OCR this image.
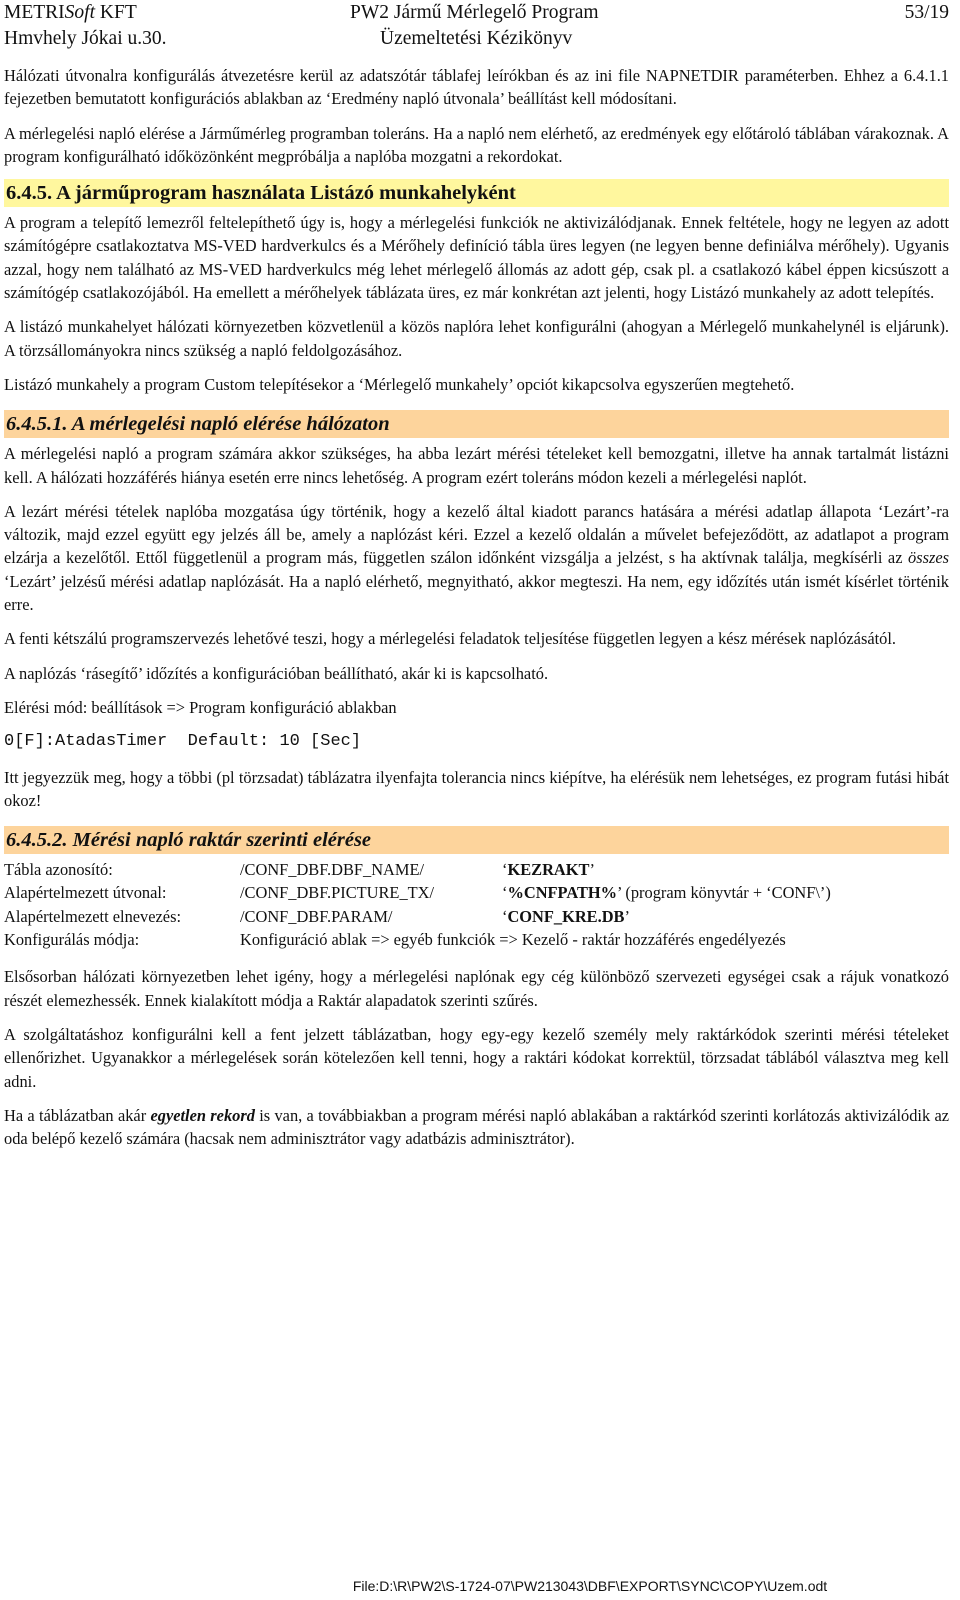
METRISoft KFT	PW2 Jármű Mérlegelő Program	53/19
Hmvhely Jókai u.30.	Üzemeltetési Kézikönyv

Hálózati útvonalra konfigurálás átvezetésre kerül az adatszótár táblafej leírókban és az ini file NAPNETDIR paraméterben. Ehhez a 6.4.1.1 fejezetben bemutatott konfigurációs ablakban az ‘Eredmény napló útvonala’ beállítást kell módosítani.

A mérlegelési napló elérése a Járműmérleg programban toleráns. Ha a napló nem elérhető, az eredmények egy előtároló táblában várakoznak. A program konfigurálható időközönként megpróbálja a naplóba mozgatni a rekordokat.

6.4.5. A járműprogram használata Listázó munkahelyként

A program a telepítő lemezről feltelepíthető úgy is, hogy a mérlegelési funkciók ne aktivizálódjanak. Ennek feltétele, hogy ne legyen az adott számítógépre csatlakoztatva MS-VED hardverkulcs és a Mérőhely definíció tábla üres legyen (ne legyen benne definiálva mérőhely). Ugyanis azzal, hogy nem található az MS-VED hardverkulcs még lehet mérlegelő állomás az adott gép, csak pl. a csatlakozó kábel éppen kicsúszott a számítógép csatlakozójából. Ha emellett a mérőhelyek táblázata üres, ez már konkrétan azt jelenti, hogy Listázó munkahely az adott telepítés.

A listázó munkahelyet hálózati környezetben közvetlenül a közös naplóra lehet konfigurálni (ahogyan a Mérlegelő munkahelynél is eljárunk). A törzsállományokra nincs szükség a napló feldolgozásához.

Listázó munkahely a program Custom telepítésekor a ‘Mérlegelő munkahely’ opciót kikapcsolva egyszerűen megtehető.

6.4.5.1. A mérlegelési napló elérése hálózaton

A mérlegelési napló a program számára akkor szükséges, ha abba lezárt mérési tételeket kell bemozgatni, illetve ha annak tartalmát listázni kell. A hálózati hozzáférés hiánya esetén erre nincs lehetőség. A program ezért toleráns módon kezeli a mérlegelési naplót.

A lezárt mérési tételek naplóba mozgatása úgy történik, hogy a kezelő által kiadott parancs hatására a mérési adatlap állapota ‘Lezárt’-ra változik, majd ezzel együtt egy jelzés áll be, amely a naplózást kéri. Ezzel a kezelő oldalán a művelet befejeződött, az adatlapot a program elzárja a kezelőtől. Ettől függetlenül a program más, független szálon időnként vizsgálja a jelzést, s ha aktívnak találja, megkísérli az összes ‘Lezárt’ jelzésű mérési adatlap naplózását. Ha a napló elérhető, megnyitható, akkor megteszi. Ha nem, egy időzítés után ismét kísérlet történik erre.

A fenti kétszálú programszervezés lehetővé teszi, hogy a mérlegelési feladatok teljesítése független legyen a kész mérések naplózásától.

A naplózás ‘rásegítő’ időzítés a konfigurációban beállítható, akár ki is kapcsolható.

Elérési mód: beállítások => Program konfiguráció ablakban

0[F]:AtadasTimer  Default: 10 [Sec]

Itt jegyezzük meg, hogy a többi (pl törzsadat) táblázatra ilyenfajta tolerancia nincs kiépítve, ha elérésük nem lehetséges, ez program futási hibát okoz!

6.4.5.2. Mérési napló raktár szerinti elérése
Tábla azonosító:	/CONF_DBF.DBF_NAME/	‘KEZRAKT’
Alapértelmezett útvonal:	/CONF_DBF.PICTURE_TX/	‘%CNFPATH%’ (program könyvtár + ‘CONF\’)
Alapértelmezett elnevezés:	/CONF_DBF.PARAM/	‘CONF_KRE.DB’
Konfigurálás módja:	Konfiguráció ablak => egyéb funkciók => Kezelő - raktár hozzáférés engedélyezés	

Elsősorban hálózati környezetben lehet igény, hogy a mérlegelési naplónak egy cég különböző szervezeti egységei csak a rájuk vonatkozó részét elemezhessék. Ennek kialakított módja a Raktár alapadatok szerinti szűrés.

A szolgáltatáshoz konfigurálni kell a fent jelzett táblázatban, hogy egy-egy kezelő személy mely raktárkódok szerinti mérési tételeket ellenőrizhet. Ugyanakkor a mérlegelések során kötelezően kell tenni, hogy a raktári kódokat korrektül, törzsadat táblából választva meg kell adni.

Ha a táblázatban akár egyetlen rekord is van, a továbbiakban a program mérési napló ablakában a raktárkód szerinti korlátozás aktivizálódik az oda belépő kezelő számára (hacsak nem adminisztrátor vagy adatbázis adminisztrátor).

File:D:\R\PW2\S-1724-07\PW213043\DBF\EXPORT\SYNC\COPY\Uzem.odt
